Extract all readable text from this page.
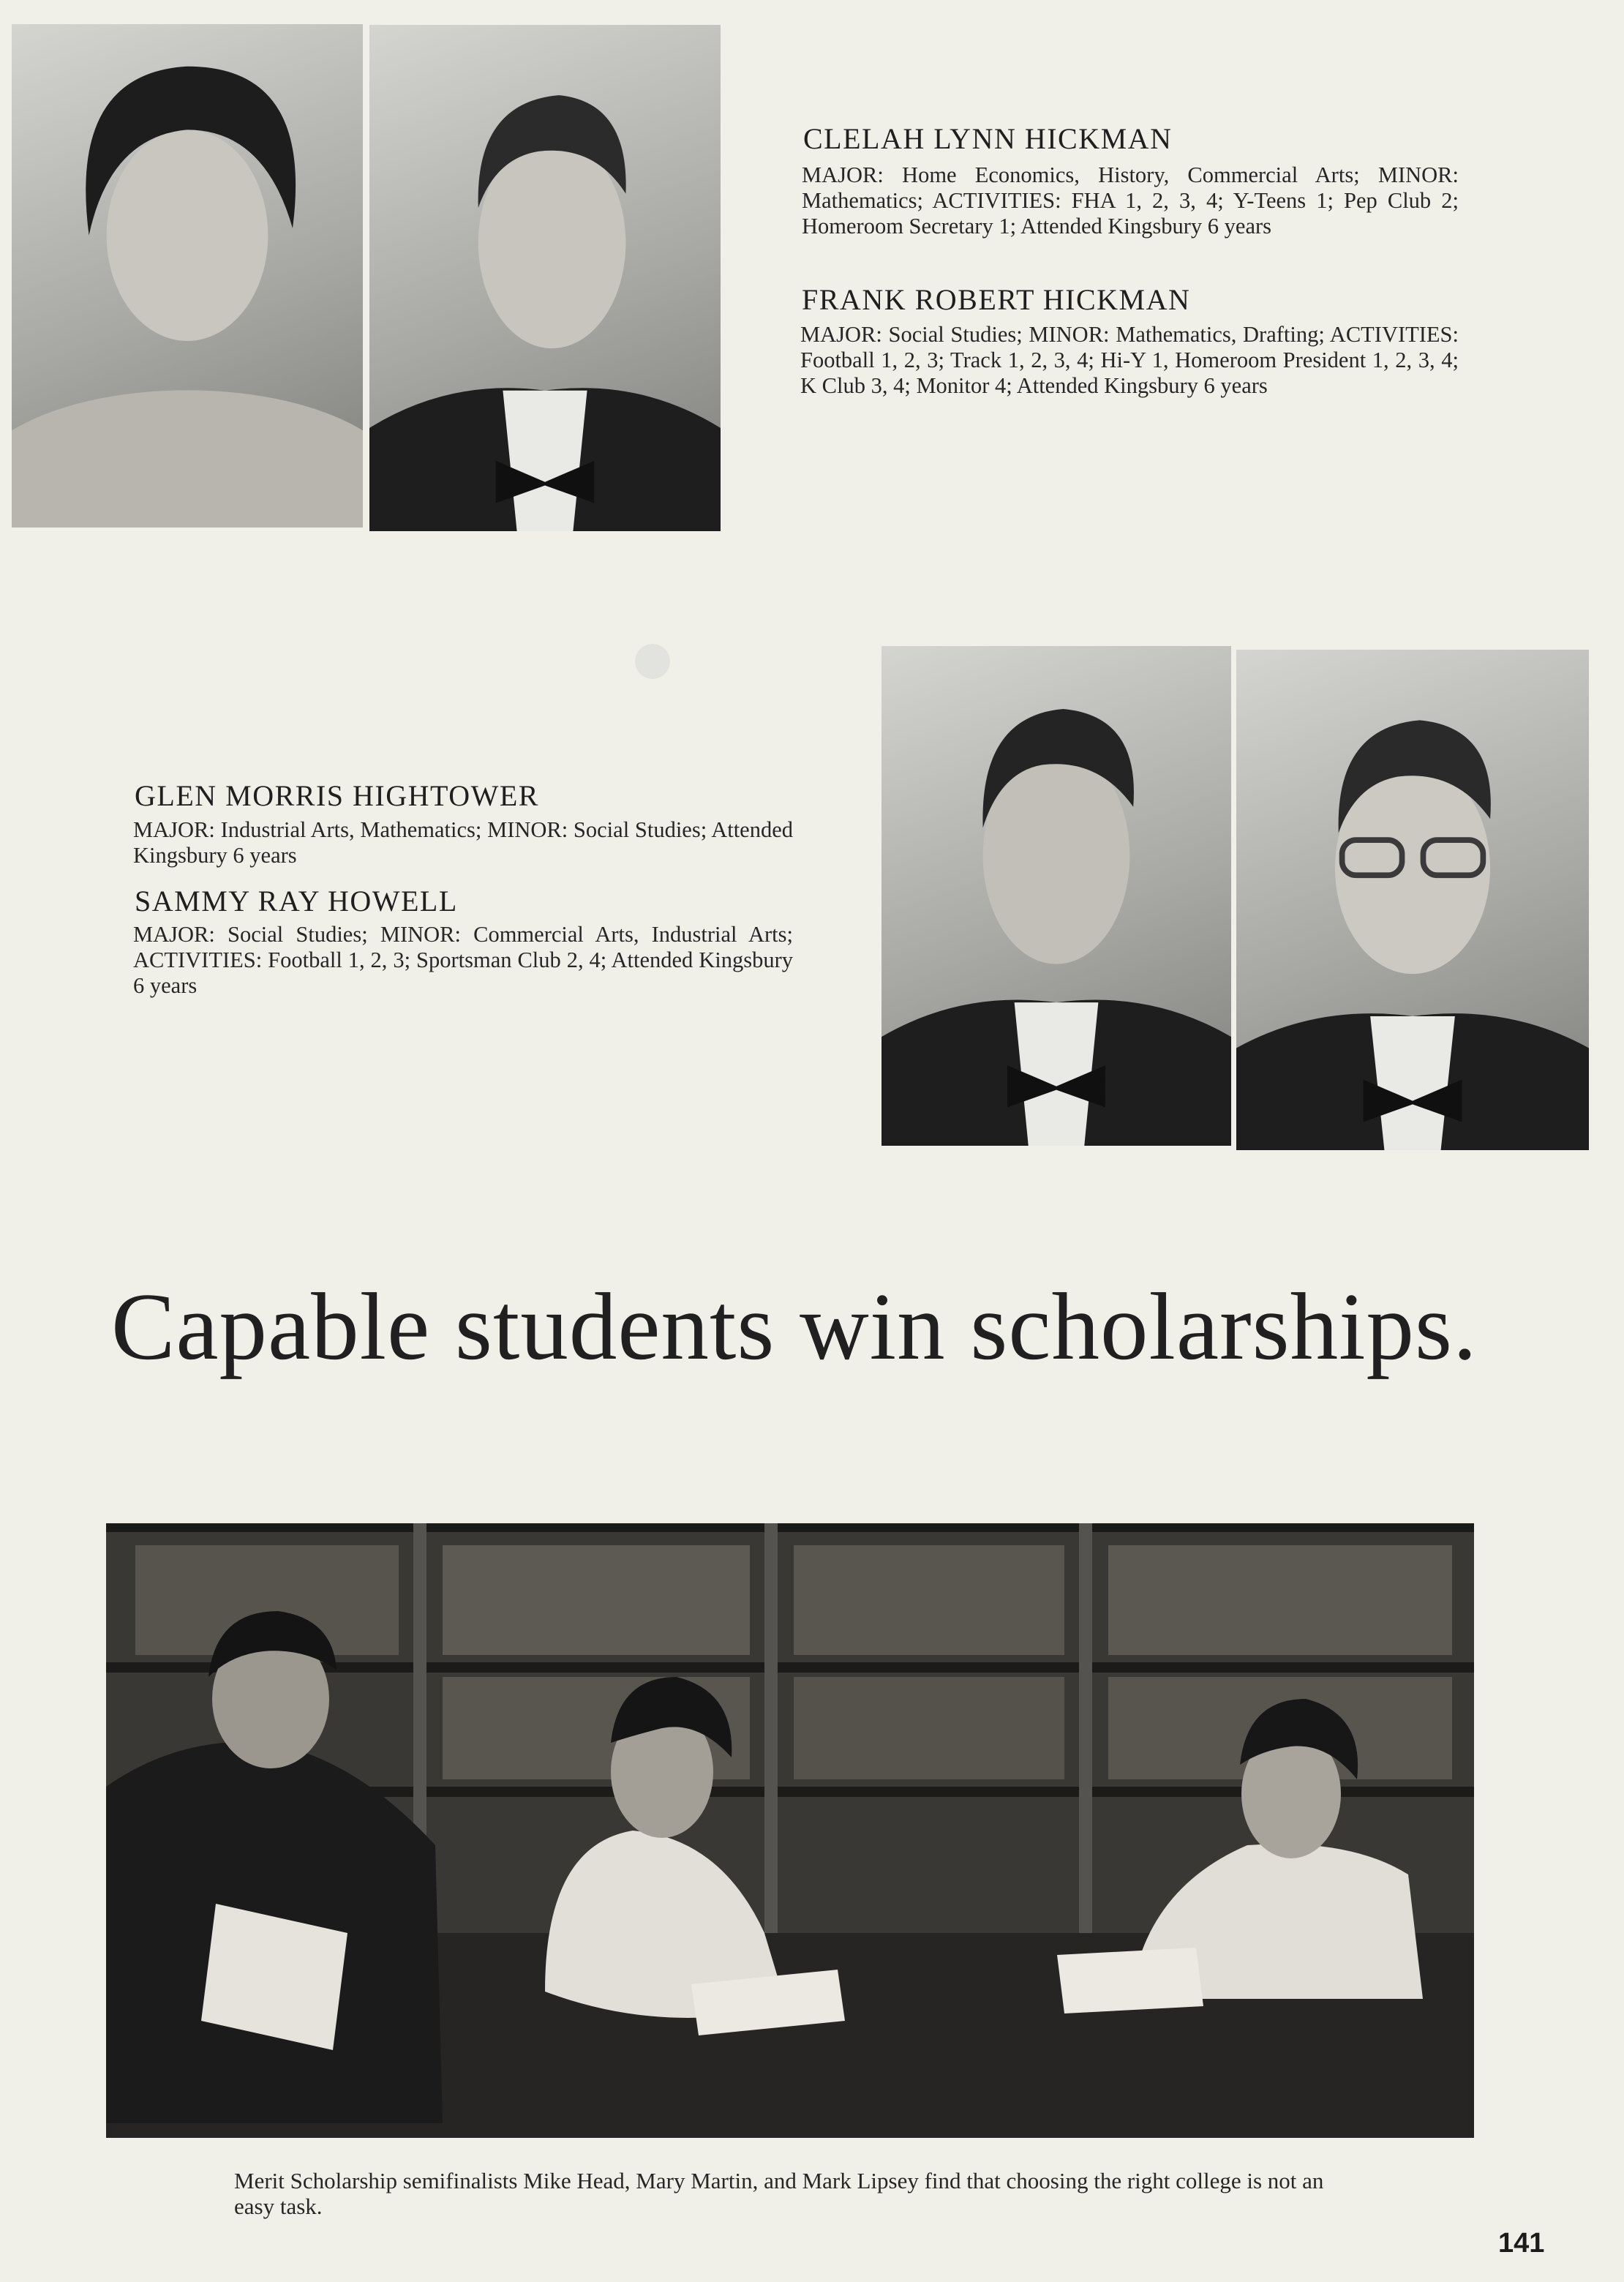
CLELAH LYNN HICKMAN
MAJOR: Home Economics, History, Commercial Arts; MINOR: Mathematics; ACTIVITIES: FHA 1, 2, 3, 4; Y-Teens 1; Pep Club 2; Homeroom Secretary 1; Attended Kingsbury 6 years
FRANK ROBERT HICKMAN
MAJOR: Social Studies; MINOR: Mathematics, Drafting; ACTIVITIES: Football 1, 2, 3; Track 1, 2, 3, 4; Hi-Y 1, Homeroom President 1, 2, 3, 4; K Club 3, 4; Monitor 4; Attended Kingsbury 6 years
GLEN MORRIS HIGHTOWER
MAJOR: Industrial Arts, Mathematics; MINOR: Social Studies; Attended Kingsbury 6 years
SAMMY RAY HOWELL
MAJOR: Social Studies; MINOR: Commercial Arts, Industrial Arts; ACTIVITIES: Football 1, 2, 3; Sportsman Club 2, 4; Attended Kingsbury 6 years
Capable students win scholarships.
Merit Scholarship semifinalists Mike Head, Mary Martin, and Mark Lipsey find that choosing the right college is not an easy task.
141
